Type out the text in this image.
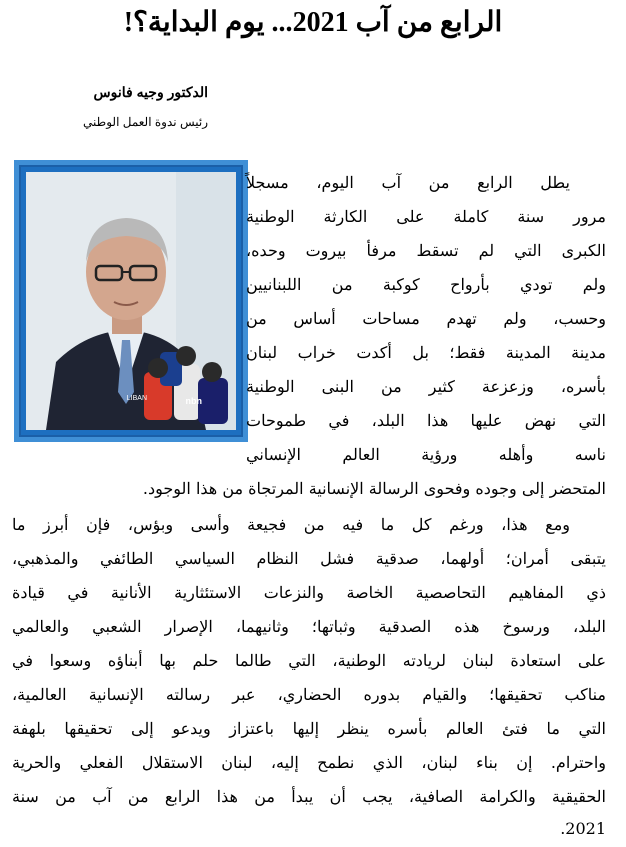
الرابع من آب 2021... يوم البداية؟!
الدكتور وجيه فانوس
رئيس ندوة العمل الوطني
LIBAN	nbn
يطل الرابع من آب اليوم، مسجلاً
مرور سنة كاملة على الكارثة الوطنية
الكبرى التي لم تسقط مرفأ بيروت وحده،
ولم تودي بأرواح كوكبة من اللبنانيين
وحسب، ولم تهدم مساحات أساس من
مدينة المدينة فقط؛ بل أكدت خراب لبنان
بأسره، وزعزعة كثير من البنى الوطنية
التي نهض عليها هذا البلد، في طموحات
ناسه وأهله ورؤية العالم الإنساني
المتحضر إلى وجوده وفحوى الرسالة الإنسانية المرتجاة من هذا الوجود.
ومع هذا، ورغم كل ما فيه من فجيعة وأسى وبؤس، فإن أبرز ما
يتبقى أمران؛ أولهما، صدقية فشل النظام السياسي الطائفي والمذهبي،
ذي المفاهيم التحاصصية الخاصة والنزعات الاستئثارية الأنانية في قيادة
البلد، ورسوخ هذه الصدقية وثباتها؛ وثانيهما، الإصرار الشعبي والعالمي
على استعادة لبنان لريادته الوطنية، التي طالما حلم بها أبناؤه وسعوا في
مناكب تحقيقها؛ والقيام بدوره الحضاري، عبر رسالته الإنسانية العالمية،
التي ما فتئ العالم بأسره ينظر إليها باعتزاز ويدعو إلى تحقيقها بلهفة
واحترام. إن بناء لبنان، الذي نطمح إليه، لبنان الاستقلال الفعلي والحرية
الحقيقية والكرامة الصافية، يجب أن يبدأ من هذا الرابع من آب من سنة
2021.
